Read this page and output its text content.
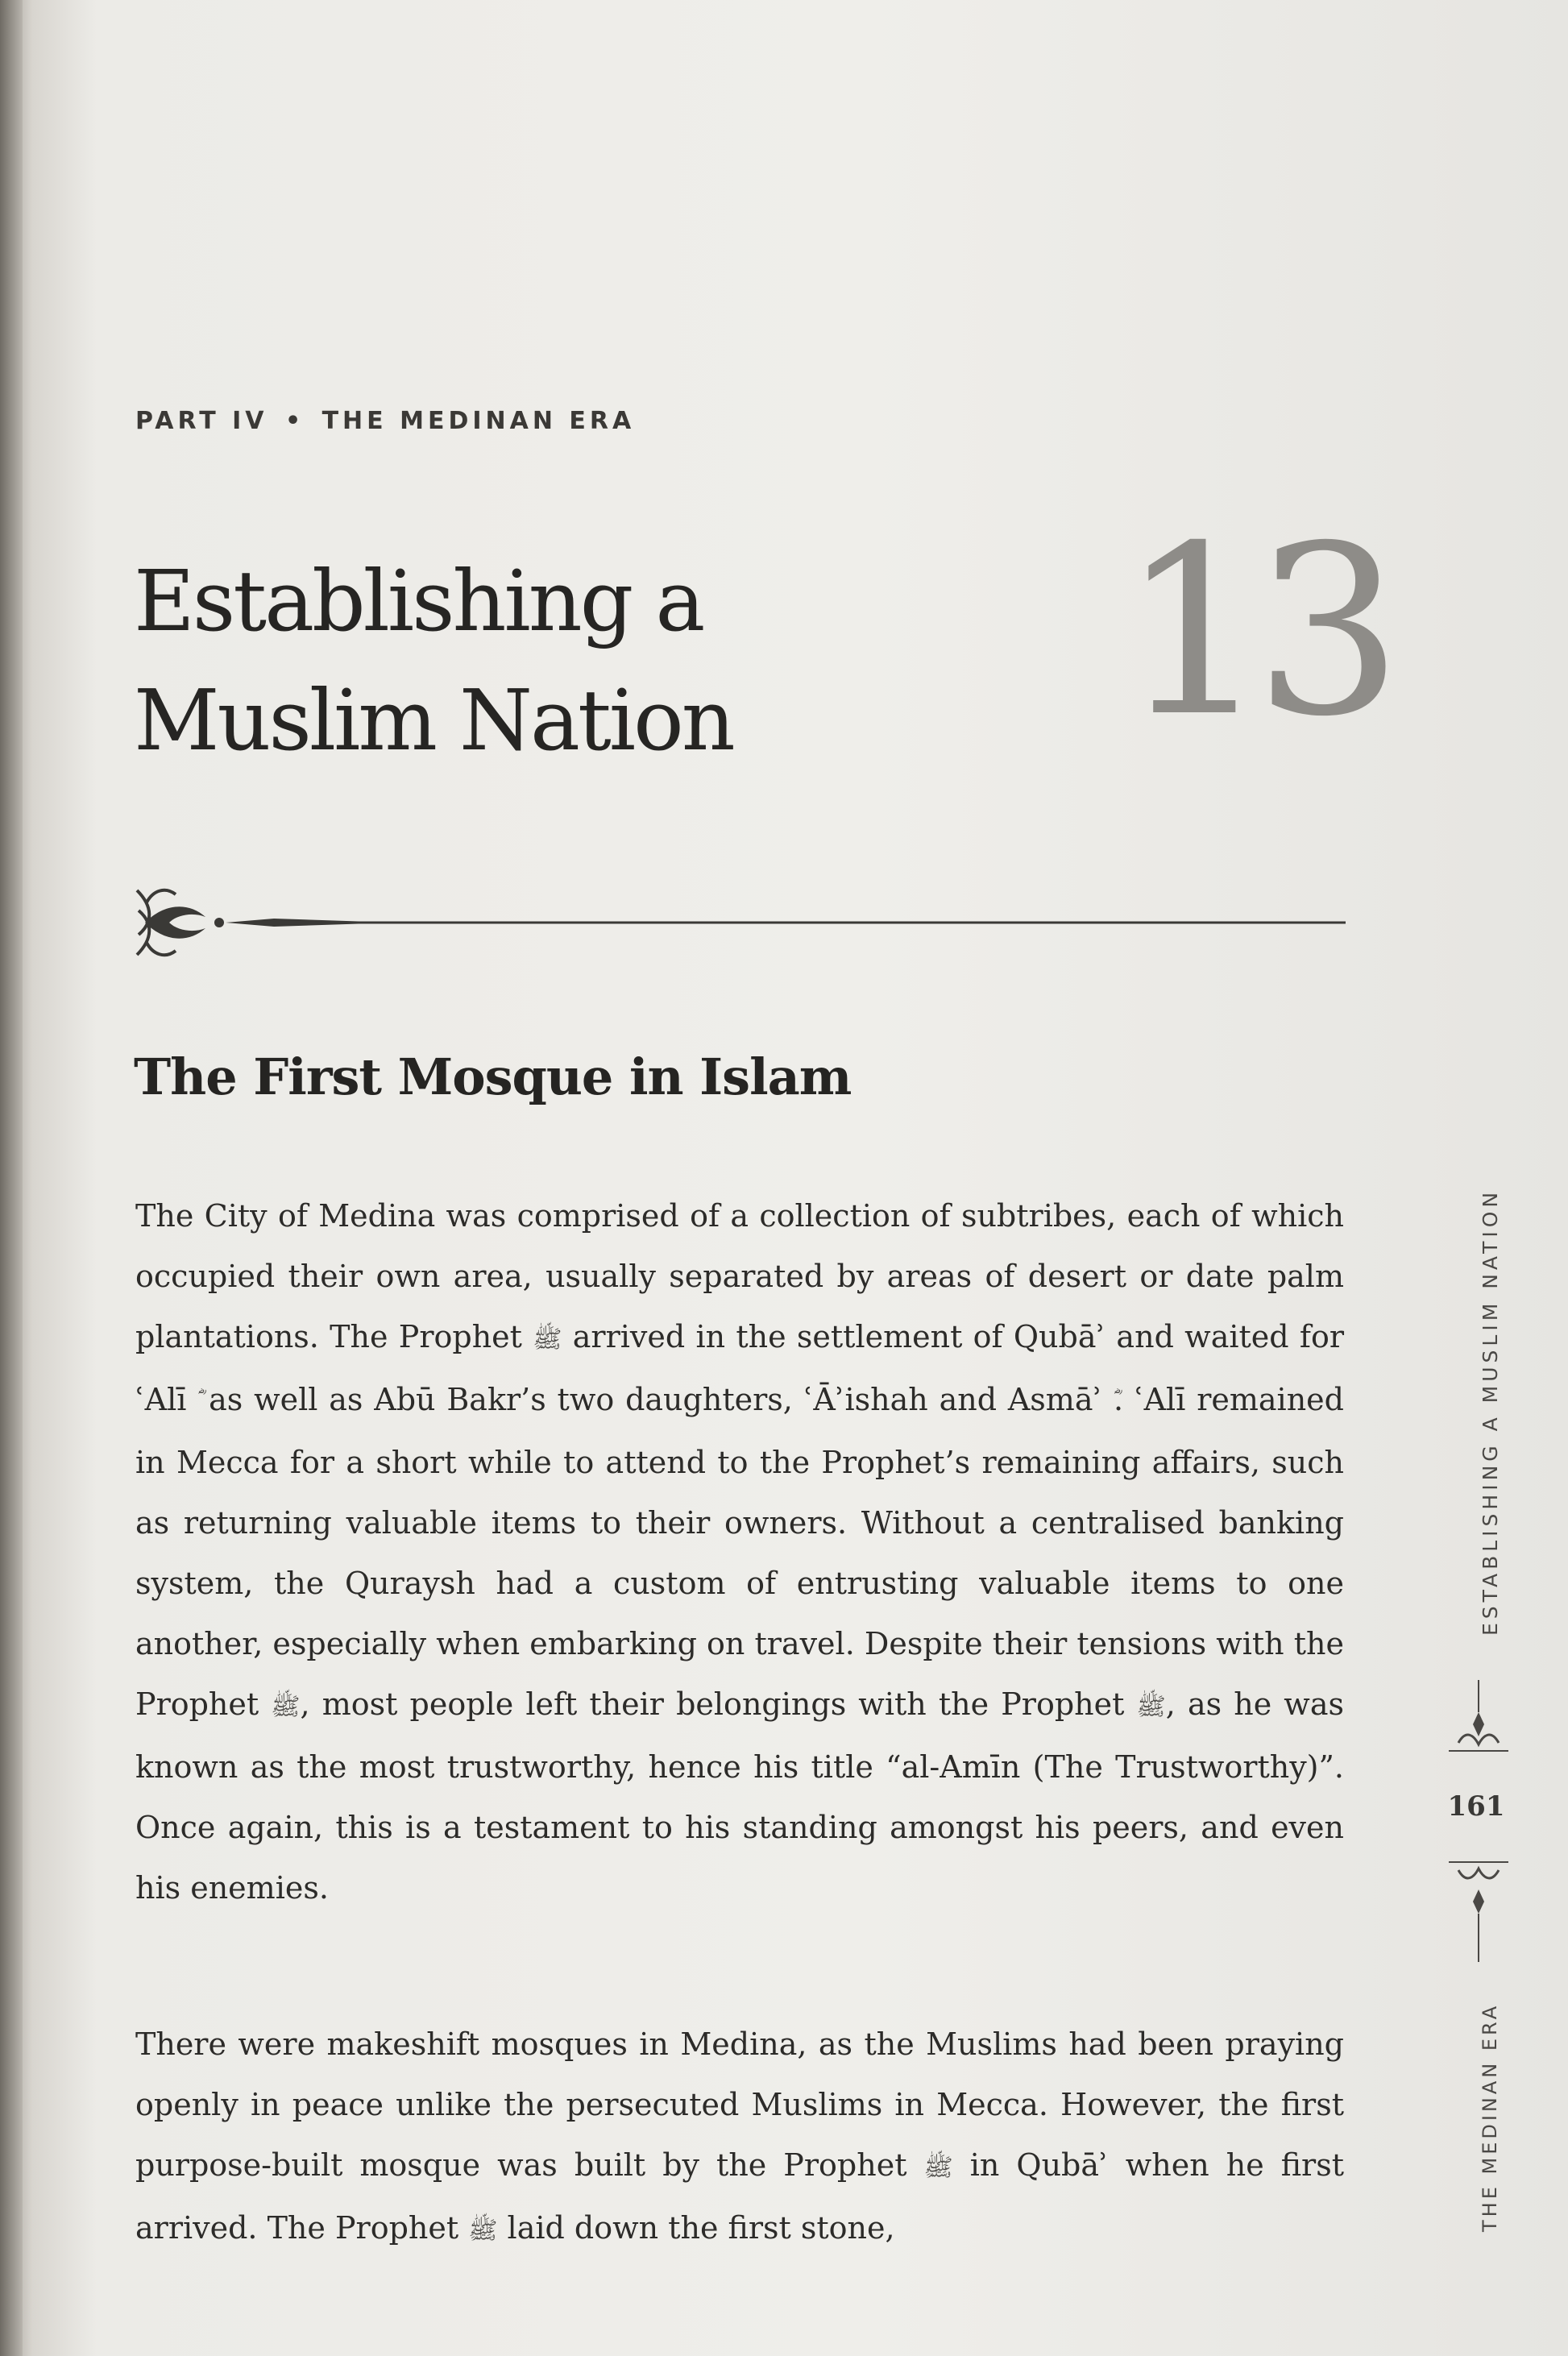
PART IV • THE MEDINAN ERA
Establishing a
Muslim Nation	13
The First Mosque in Islam

The City of Medina was comprised of a collection of subtribes, each of which occupied their own area, usually separated by areas of desert or date palm plantations. The Prophet ﷺ arrived in the settlement of Qubāʾ and waited for ʿAlī as well as Abū Bakr’s two daughters, ʿĀʾishah and Asmāʾ . ʿAlī remained in Mecca for a short while to attend to the Prophet’s remaining affairs, such as returning valuable items to their owners. Without a centralised banking system, the Quraysh had a custom of entrusting valuable items to one another, especially when embarking on travel. Despite their tensions with the Prophet ﷺ, most people left their belongings with the Prophet ﷺ, as he was known as the most trustworthy, hence his title “al-Amīn (The Trustworthy)”. Once again, this is a testament to his standing amongst his peers, and even his enemies.

There were makeshift mosques in Medina, as the Muslims had been praying openly in peace unlike the persecuted Muslims in Mecca. However, the first purpose-built mosque was built by the Prophet ﷺ in Qubāʾ when he first arrived. The Prophet ﷺ laid down the first stone,

ESTABLISHING A MUSLIM NATION
161
THE MEDINAN ERA
